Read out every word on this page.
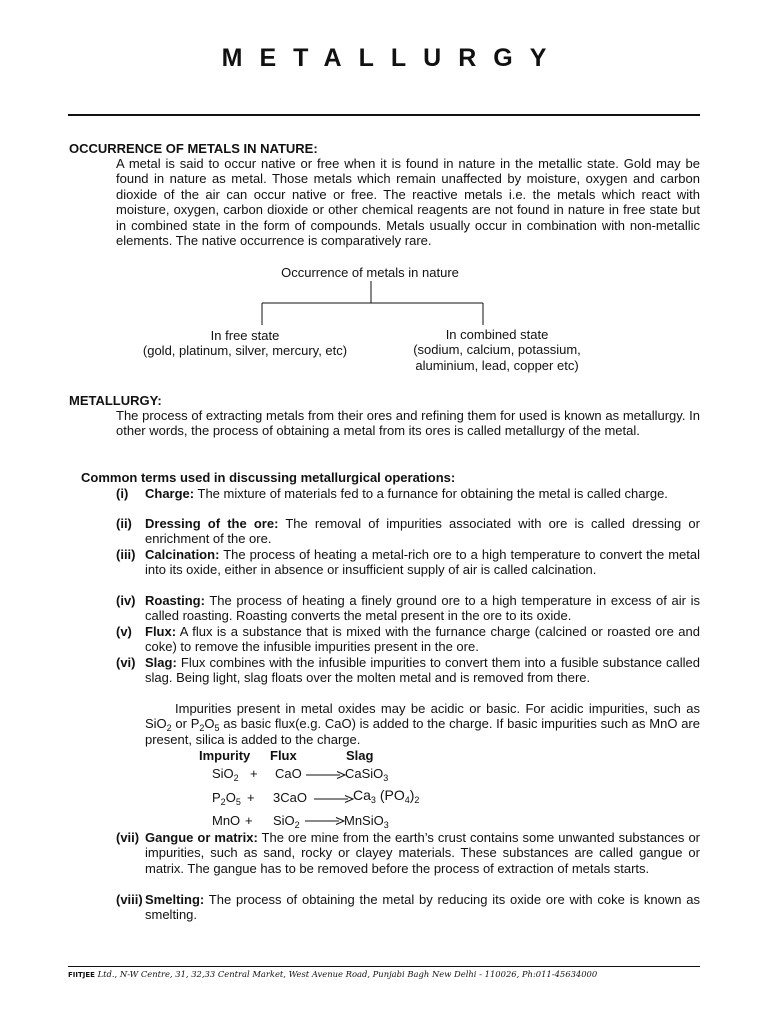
METALLURGY
OCCURRENCE OF METALS IN NATURE:
A metal is said to occur native or free when it is found in nature in the metallic state. Gold may be found in nature as metal. Those metals which remain unaffected by moisture, oxygen and carbon dioxide of the air can occur native or free. The reactive metals i.e. the metals which react with moisture, oxygen, carbon dioxide or other chemical reagents are not found in nature in free state but in combined state in the form of compounds. Metals usually occur in combination with non-metallic elements. The native occurrence is comparatively rare.
Occurrence of metals in nature
In free state
(gold, platinum, silver, mercury, etc)
In combined state
(sodium, calcium, potassium,
aluminium, lead, copper etc)
METALLURGY:
The process of extracting metals from their ores and refining them for used is known as metallurgy. In other words, the process of obtaining a metal from its ores is called metallurgy of the metal.
Common terms used in discussing metallurgical operations:
(i) Charge: The mixture of materials fed to a furnance for obtaining the metal is called charge.
(ii) Dressing of the ore: The removal of impurities associated with ore is called dressing or enrichment of the ore.
(iii) Calcination: The process of heating a metal-rich ore to a high temperature to convert the metal into its oxide, either in absence or insufficient supply of air is called calcination.
(iv) Roasting: The process of heating a finely ground ore to a high temperature in excess of air is called roasting. Roasting converts the metal present in the ore to its oxide.
(v) Flux: A flux is a substance that is mixed with the furnance charge (calcined or roasted ore and coke) to remove the infusible impurities present in the ore.
(vi) Slag: Flux combines with the infusible impurities to convert them into a fusible substance called slag. Being light, slag floats over the molten metal and is removed from there.
Impurities present in metal oxides may be acidic or basic. For acidic impurities, such as SiO$_2$ or $P_2O_5$ as basic flux(e.g. CaO) is added to the charge. If basic impurities such as MnO are present, silica is added to the charge.
Impurity Flux	Slag
SiO$_2$ + CaO → CaSiO$_3$
$P_2O_5 + 3CaO \to Ca_3$ $(PO_4)_2$
MnO + SiO$_2$ → MnSiO$_3$
(vii) Gangue or matrix: The ore mine from the earth’s crust contains some unwanted substances or impurities, such as sand, rocky or clayey materials. These substances are called gangue or matrix. The gangue has to be removed before the process of extraction of metals starts.
(viii) Smelting: The process of obtaining the metal by reducing its oxide ore with coke is known as smelting.
FIITJEE Ltd., N-W Centre, 31, 32,33 Central Market, West Avenue Road, Punjabi Bagh New Delhi - 110026, Ph:011-45634000
